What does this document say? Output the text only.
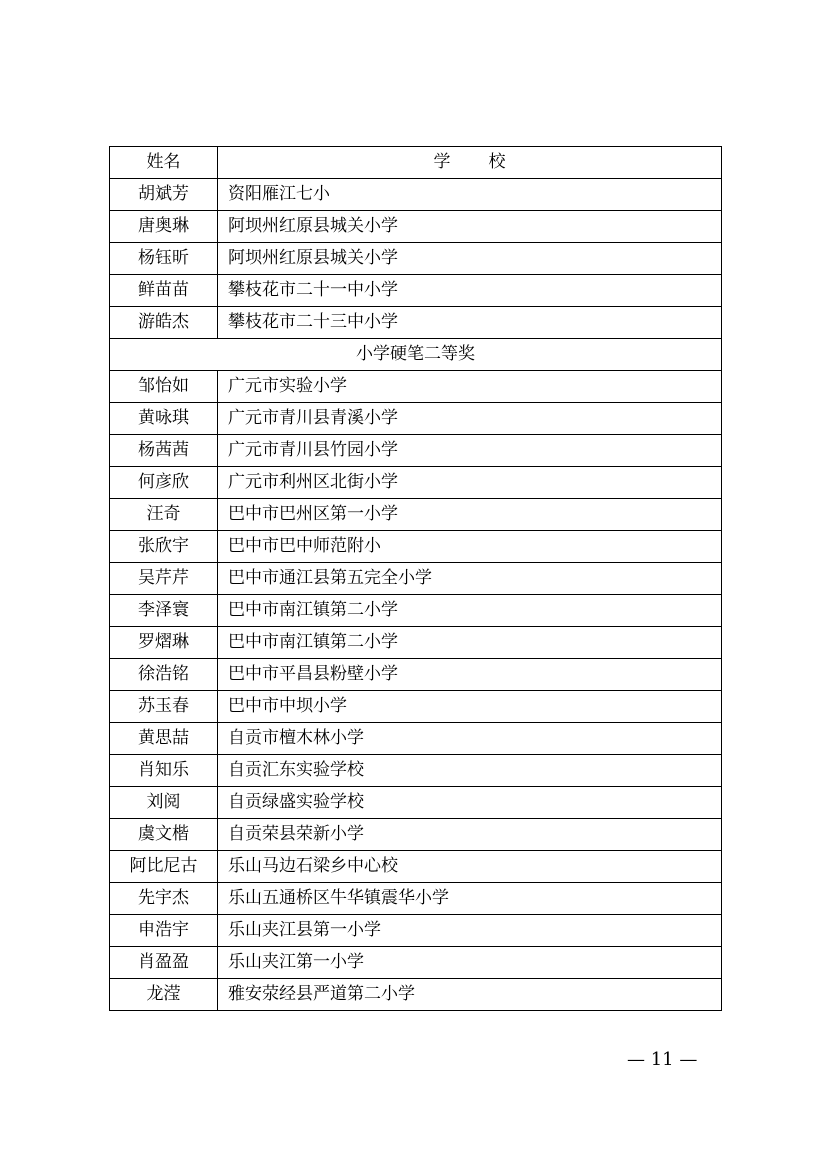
姓名	学校
胡斌芳	资阳雁江七小
唐奥琳	阿坝州红原县城关小学
杨钰昕	阿坝州红原县城关小学
鲜苗苗	攀枝花市二十一中小学
游皓杰	攀枝花市二十三中小学
小学硬笔二等奖	
邹怡如	广元市实验小学
黄咏琪	广元市青川县青溪小学
杨茜茜	广元市青川县竹园小学
何彦欣	广元市利州区北街小学
汪奇	巴中市巴州区第一小学
张欣宇	巴中市巴中师范附小
吴芹芹	巴中市通江县第五完全小学
李泽寰	巴中市南江镇第二小学
罗熠琳	巴中市南江镇第二小学
徐浩铭	巴中市平昌县粉壁小学
苏玉春	巴中市中坝小学
黄思喆	自贡市檀木林小学
肖知乐	自贡汇东实验学校
刘阅	自贡绿盛实验学校
虞文楷	自贡荣县荣新小学
阿比尼古	乐山马边石梁乡中心校
先宇杰	乐山五通桥区牛华镇震华小学
申浩宇	乐山夹江县第一小学
肖盈盈	乐山夹江第一小学
龙滢	雅安荥经县严道第二小学
— 11 —
